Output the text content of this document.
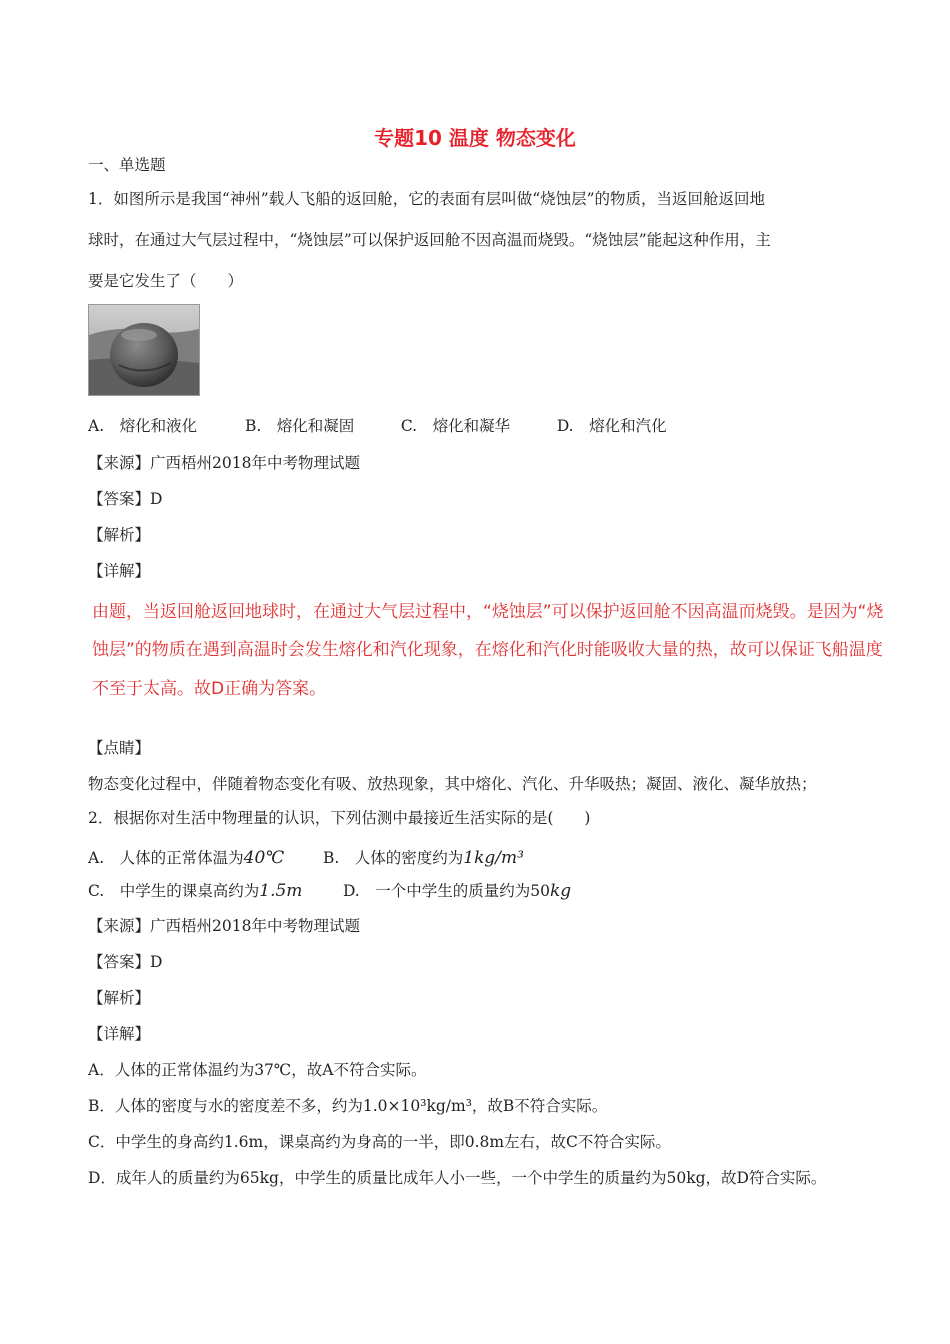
专题10 温度 物态变化
一、单选题
1．如图所示是我国“神州”载人飞船的返回舱，它的表面有层叫做“烧蚀层”的物质，当返回舱返回地
球时，在通过大气层过程中，“烧蚀层”可以保护返回舱不因高温而烧毁。“烧蚀层”能起这种作用，主
要是它发生了（　　）
A.　熔化和液化	B.　熔化和凝固	C.　熔化和凝华	D.　熔化和汽化
【来源】广西梧州2018年中考物理试题
【答案】D
【解析】
【详解】
由题，当返回舱返回地球时，在通过大气层过程中，“烧蚀层”可以保护返回舱不因高温而烧毁。是因为“烧
蚀层”的物质在遇到高温时会发生熔化和汽化现象，在熔化和汽化时能吸收大量的热，故可以保证飞船温度
不至于太高。故D正确为答案。
【点睛】
物态变化过程中，伴随着物态变化有吸、放热现象，其中熔化、汽化、升华吸热；凝固、液化、凝华放热；
2．根据你对生活中物理量的认识，下列估测中最接近生活实际的是(　　)
A.　人体的正常体温为40℃ B.　人体的密度约为1kg/m³
C.　中学生的课桌高约为1.5m	D.　一个中学生的质量约为50kg
【来源】广西梧州2018年中考物理试题
【答案】D
【解析】
【详解】
A．人体的正常体温约为37℃，故A不符合实际。
B．人体的密度与水的密度差不多，约为1.0×10³kg/m³，故B不符合实际。
C．中学生的身高约1.6m，课桌高约为身高的一半，即0.8m左右，故C不符合实际。
D．成年人的质量约为65kg，中学生的质量比成年人小一些，一个中学生的质量约为50kg，故D符合实际。
